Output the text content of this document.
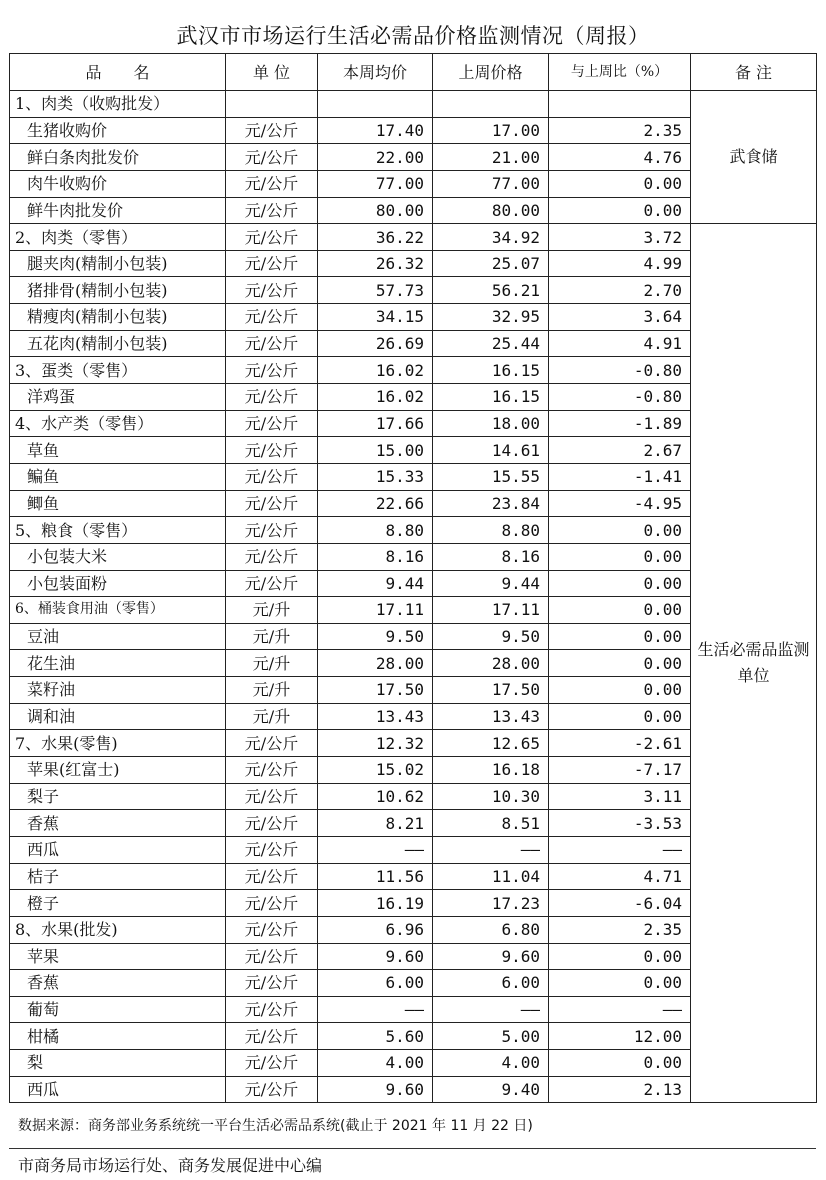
武汉市市场运行生活必需品价格监测情况（周报）
品　　名	单 位	本周均价	上周价格	与上周比（%）	备 注
1、肉类（收购批发）					武食储
生猪收购价	元/公斤	17.40	17.00	2.35	
鲜白条肉批发价	元/公斤	22.00	21.00	4.76	
肉牛收购价	元/公斤	77.00	77.00	0.00	
鲜牛肉批发价	元/公斤	80.00	80.00	0.00	
2、肉类（零售）	元/公斤	36.22	34.92	3.72	生活必需品监测单位
腿夹肉(精制小包装)	元/公斤	26.32	25.07	4.99	
猪排骨(精制小包装)	元/公斤	57.73	56.21	2.70	
精瘦肉(精制小包装)	元/公斤	34.15	32.95	3.64	
五花肉(精制小包装)	元/公斤	26.69	25.44	4.91	
3、蛋类（零售）	元/公斤	16.02	16.15	-0.80	
洋鸡蛋	元/公斤	16.02	16.15	-0.80	
4、水产类（零售）	元/公斤	17.66	18.00	-1.89	
草鱼	元/公斤	15.00	14.61	2.67	
鳊鱼	元/公斤	15.33	15.55	-1.41	
鲫鱼	元/公斤	22.66	23.84	-4.95	
5、粮食（零售）	元/公斤	8.80	8.80	0.00	
小包装大米	元/公斤	8.16	8.16	0.00	
小包装面粉	元/公斤	9.44	9.44	0.00	
6、桶装食用油（零售）	元/升	17.11	17.11	0.00	
豆油	元/升	9.50	9.50	0.00	
花生油	元/升	28.00	28.00	0.00	
菜籽油	元/升	17.50	17.50	0.00	
调和油	元/升	13.43	13.43	0.00	
7、水果(零售)	元/公斤	12.32	12.65	-2.61	
苹果(红富士)	元/公斤	15.02	16.18	-7.17	
梨子	元/公斤	10.62	10.30	3.11	
香蕉	元/公斤	8.21	8.51	-3.53	
西瓜	元/公斤	——	——	——	
桔子	元/公斤	11.56	11.04	4.71	
橙子	元/公斤	16.19	17.23	-6.04	
8、水果(批发)	元/公斤	6.96	6.80	2.35	
苹果	元/公斤	9.60	9.60	0.00	
香蕉	元/公斤	6.00	6.00	0.00	
葡萄	元/公斤	——	——	——	
柑橘	元/公斤	5.60	5.00	12.00	
梨	元/公斤	4.00	4.00	0.00	
西瓜	元/公斤	9.60	9.40	2.13	
数据来源：商务部业务系统统一平台生活必需品系统(截止于 2021 年 11 月 22 日)
市商务局市场运行处、商务发展促进中心编
